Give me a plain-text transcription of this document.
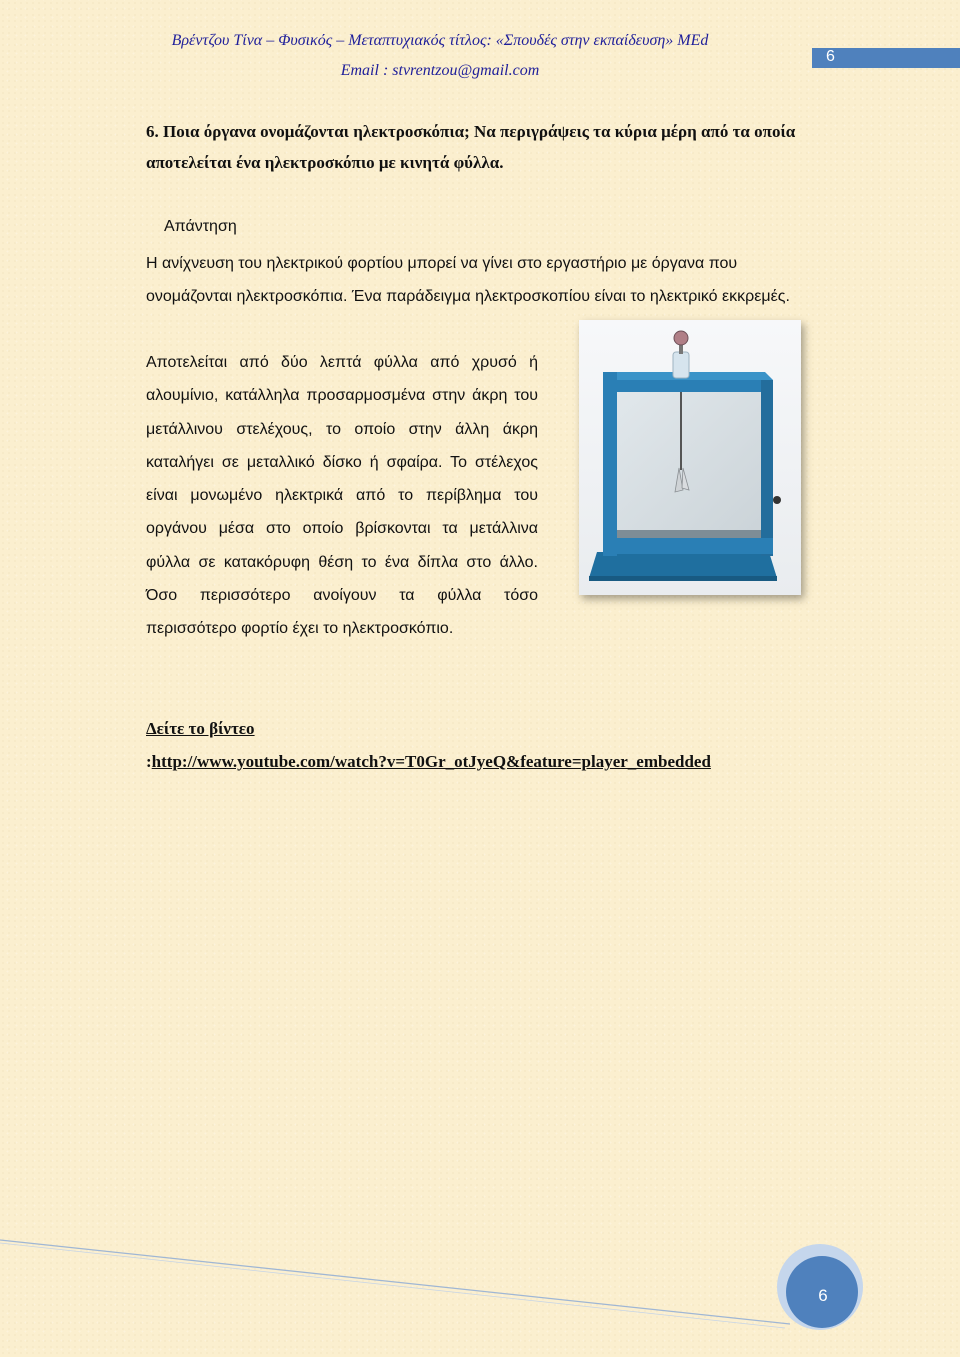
Βρέντζου Τίνα – Φυσικός – Μεταπτυχιακός τίτλος: «Σπουδές στην εκπαίδευση» MEd
Email : stvrentzou@gmail.com
6
6. Ποια όργανα ονομάζονται ηλεκτροσκόπια; Να περιγράψεις τα κύρια μέρη από τα οποία αποτελείται ένα ηλεκτροσκόπιο με κινητά φύλλα.
Απάντηση
Η ανίχνευση του ηλεκτρικού φορτίου μπορεί να γίνει στο εργαστήριο με όργανα που ονομάζονται ηλεκτροσκόπια. Ένα παράδειγμα ηλεκτροσκοπίου είναι το ηλεκτρικό εκκρεμές.
Αποτελείται από δύο λεπτά φύλλα από χρυσό ή αλουμίνιο, κατάλληλα προσαρμοσμένα στην άκρη του μετάλλινου στελέχους, το οποίο στην άλλη άκρη καταλήγει σε μεταλλικό δίσκο ή σφαίρα. Το στέλεχος είναι μονωμένο ηλεκτρικά από το περίβλημα του οργάνου μέσα στο οποίο βρίσκονται τα μετάλλινα φύλλα σε κατακόρυφη θέση το ένα δίπλα στο άλλο. Όσο περισσότερο ανοίγουν τα φύλλα τόσο περισσότερο φορτίο έχει το ηλεκτροσκόπιο.
Δείτε το βίντεο
:http://www.youtube.com/watch?v=T0Gr_otJyeQ&feature=player_embedded
6
